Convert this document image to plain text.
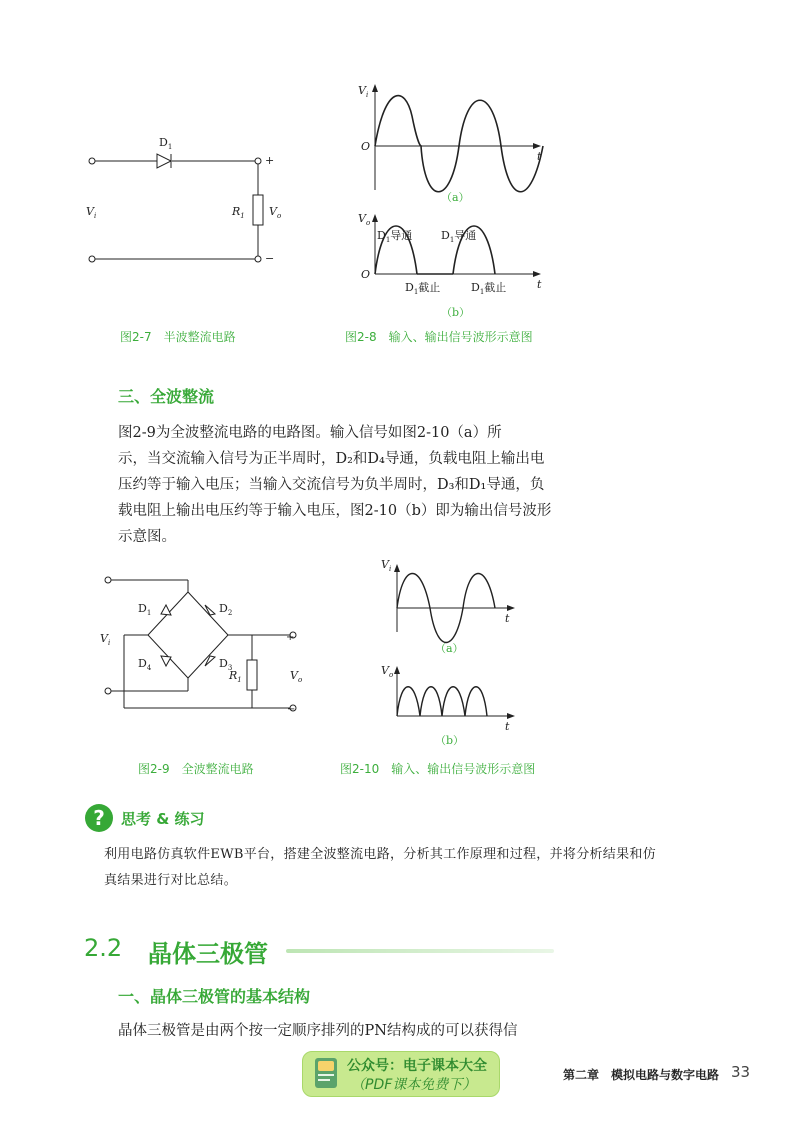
$D_1$
$V_i$	$R_1$ $V_o$
+
−
图2-7　半波整流电路
$V_i$
O
t
（a）
$V_o$
O
t
$D_1$导通	$D_1$导通
$D_1$截止	$D_1$截止
（b）
图2-8　输入、输出信号波形示意图
三、全波整流
图2-9为全波整流电路的电路图。输入信号如图2-10（a）所
示，当交流输入信号为正半周时，D₂和D₄导通，负载电阻上输出电
压约等于输入电压；当输入交流信号为负半周时，D₃和D₁导通，负
载电阻上输出电压约等于输入电压，图2-10（b）即为输出信号波形
示意图。
$D_1$	$D_2$
$D_3$
$D_4$
$V_i$
$R_1$	$V_o$
+
−
图2-9　全波整流电路
$V_i$
t
（a）
$V_o$
t
（b）
图2-10　输入、输出信号波形示意图
?	思考 & 练习
利用电路仿真软件EWB平台，搭建全波整流电路，分析其工作原理和过程，并将分析结果和仿
真结果进行对比总结。
2.2 晶体三极管
一、晶体三极管的基本结构
晶体三极管是由两个按一定顺序排列的PN结构成的可以获得信
公众号：电子课本大全
（PDF课本免费下）
第二章　模拟电路与数字电路 33
